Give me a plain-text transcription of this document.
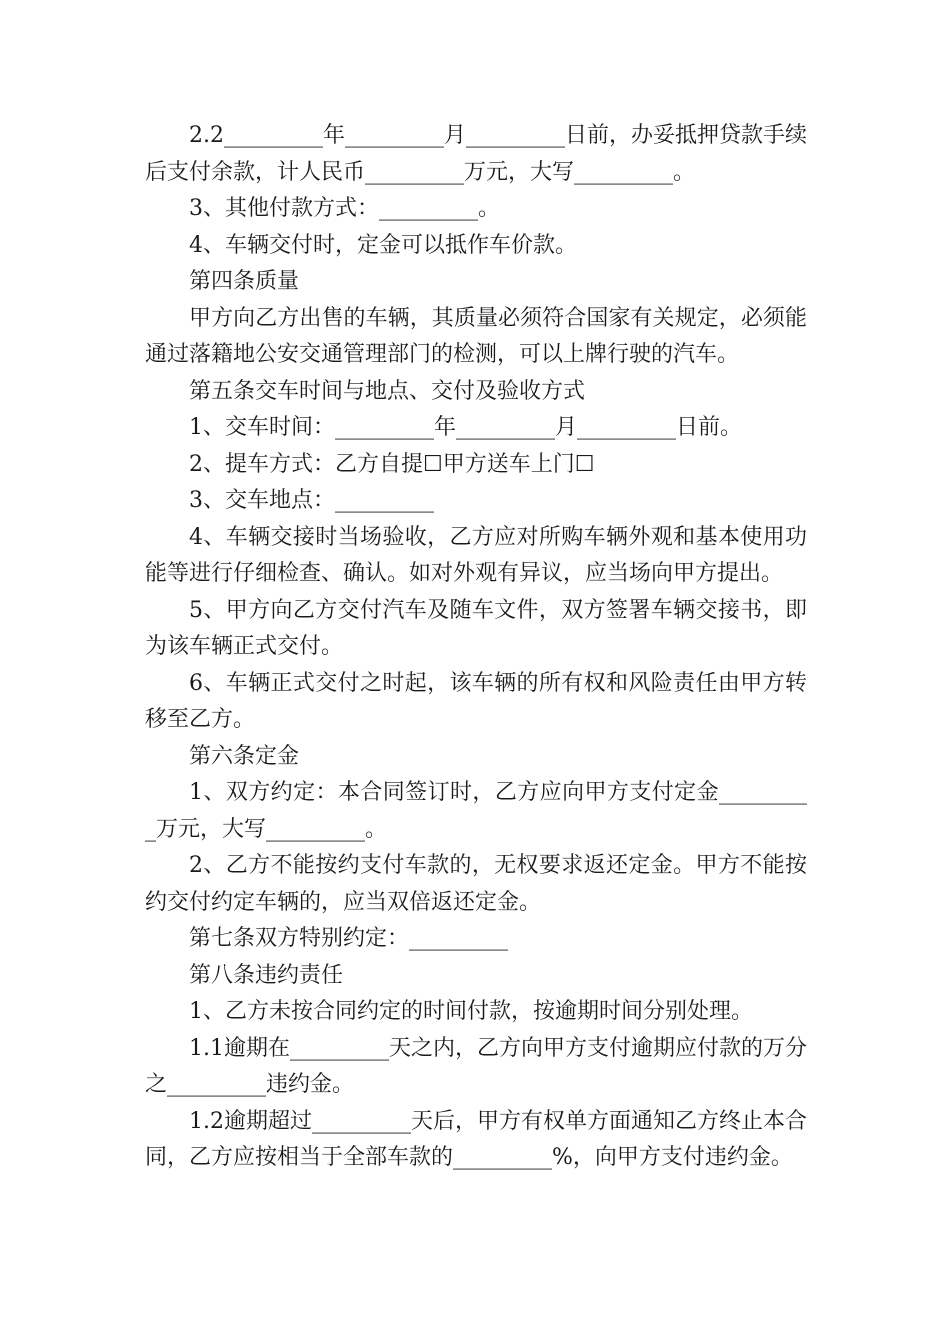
2.2_________年_________月_________日前，办妥抵押贷款手续后支付余款，计人民币_________万元，大写_________。

3、其他付款方式：_________。

4、车辆交付时，定金可以抵作车价款。

第四条质量

甲方向乙方出售的车辆，其质量必须符合国家有关规定，必须能通过落籍地公安交通管理部门的检测，可以上牌行驶的汽车。

第五条交车时间与地点、交付及验收方式

1、交车时间：_________年_________月_________日前。

2、提车方式：乙方自提☐甲方送车上门☐

3、交车地点：_________

4、车辆交接时当场验收，乙方应对所购车辆外观和基本使用功能等进行仔细检查、确认。如对外观有异议，应当场向甲方提出。

5、甲方向乙方交付汽车及随车文件，双方签署车辆交接书，即为该车辆正式交付。

6、车辆正式交付之时起，该车辆的所有权和风险责任由甲方转移至乙方。

第六条定金

1、双方约定：本合同签订时，乙方应向甲方支付定金_________万元，大写_________。

2、乙方不能按约支付车款的，无权要求返还定金。甲方不能按约交付约定车辆的，应当双倍返还定金。

第七条双方特别约定：_________

第八条违约责任

1、乙方未按合同约定的时间付款，按逾期时间分别处理。

1.1逾期在_________天之内，乙方向甲方支付逾期应付款的万分之_________违约金。

1.2逾期超过_________天后，甲方有权单方面通知乙方终止本合同，乙方应按相当于全部车款的_________%，向甲方支付违约金。
